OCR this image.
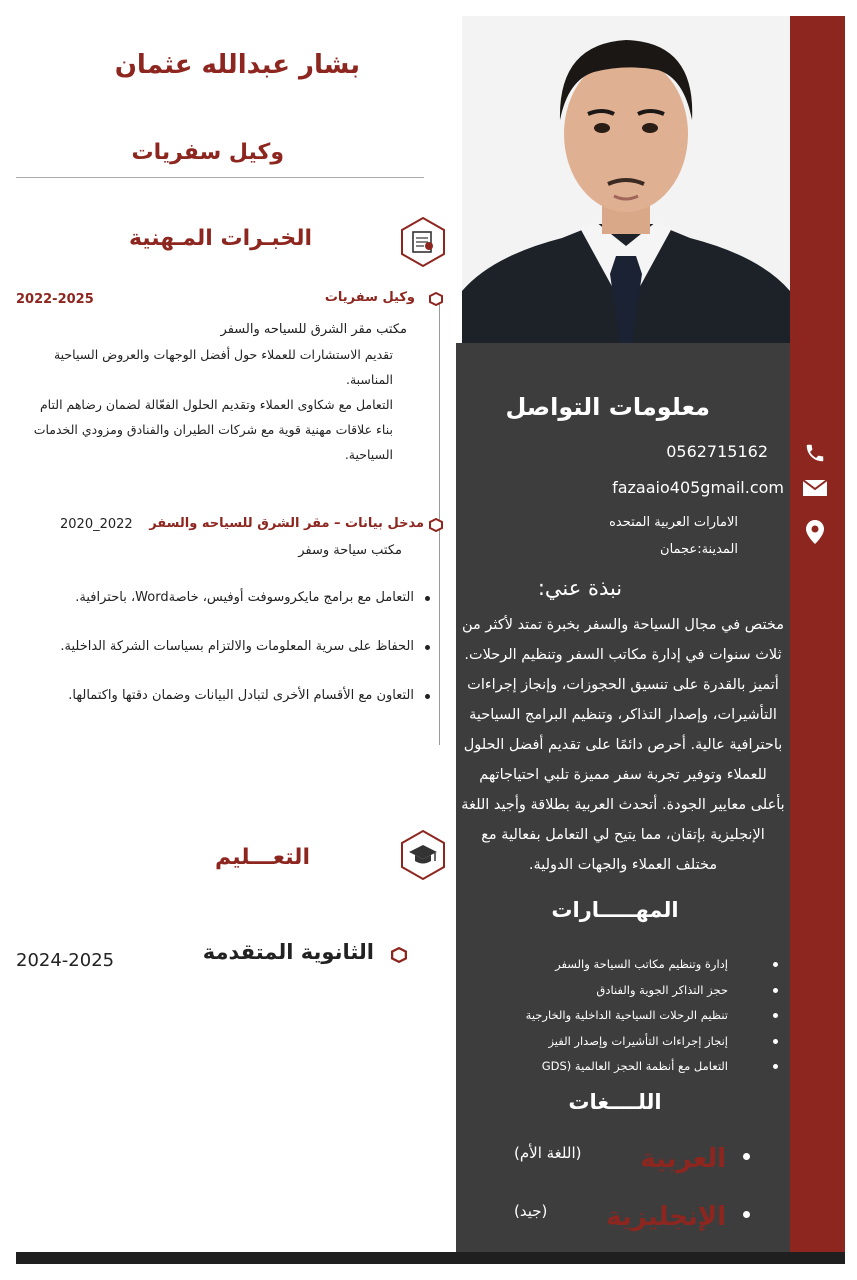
بشار عبدالله عثمان
وكيل سفريات
الخبـرات المـهنية
وكيل سفريات
2022-2025
مكتب مقر الشرق للسياحه والسفر
تقديم الاستشارات للعملاء حول أفضل الوجهات والعروض السياحية
المناسبة.
التعامل مع شكاوى العملاء وتقديم الحلول الفعّالة لضمان رضاهم التام
بناء علاقات مهنية قوية مع شركات الطيران والفنادق ومزودي الخدمات
السياحية.
مدخل بيانات – مقر الشرق للسياحه والسفر
2020_2022
مكتب سياحة وسفر
التعامل مع برامج مايكروسوفت أوفيس، خاصةWord، باحترافية.
الحفاظ على سرية المعلومات والالتزام بسياسات الشركة الداخلية.
التعاون مع الأقسام الأخرى لتبادل البيانات وضمان دقتها واكتمالها.
التعـــليم
الثانوية المتقدمة
2024-2025
معلومات التواصل
0562715162
fazaaio405gmail.com
الامارات العربية المتحده
المدينة:عجمان
نبذة عني:
مختص في مجال السياحة والسفر بخبرة تمتد لأكثر من ثلاث سنوات في إدارة مكاتب السفر وتنظيم الرحلات. أتميز بالقدرة على تنسيق الحجوزات، وإنجاز إجراءات التأشيرات، وإصدار التذاكر، وتنظيم البرامج السياحية باحترافية عالية. أحرص دائمًا على تقديم أفضل الحلول للعملاء وتوفير تجربة سفر مميزة تلبي احتياجاتهم بأعلى معايير الجودة. أتحدث العربية بطلاقة وأجيد اللغة الإنجليزية بإتقان، مما يتيح لي التعامل بفعالية مع مختلف العملاء والجهات الدولية.
المهـــــارات
إدارة وتنظيم مكاتب السياحة والسفر
حجز التذاكر الجوية والفنادق
تنظيم الرحلات السياحية الداخلية والخارجية
إنجاز إجراءات التأشيرات وإصدار الفيز
التعامل مع أنظمة الحجز العالمية (GDS
اللــــغات
العربية
(اللغة الأم)
الإنجليزية
(جيد)
